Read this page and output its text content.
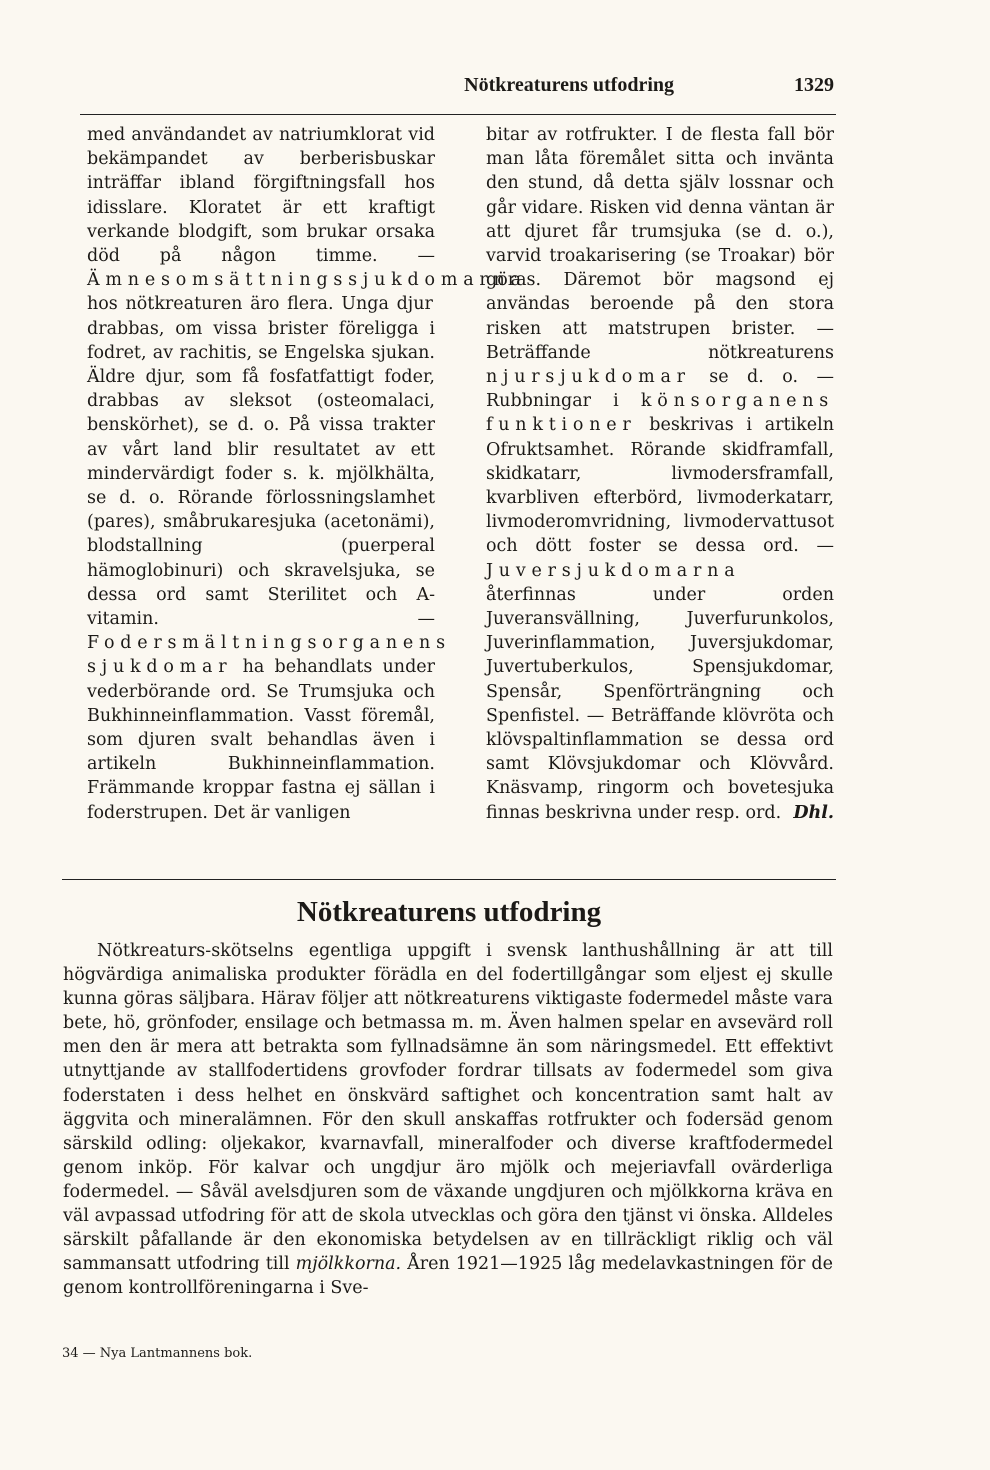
Nötkreaturens utfodring	1329

med användandet av natriumklorat vid bekämpandet av berberisbuskar inträffar ibland förgiftningsfall hos idisslare. Kloratet är ett kraftigt verkande blodgift, som brukar orsaka död på någon timme. — Ämnesomsättningssjukdomarna hos nötkreaturen äro flera. Unga djur drabbas, om vissa brister föreligga i fodret, av rachitis, se Engelska sjukan. Äldre djur, som få fosfatfattigt foder, drabbas av sleksot (osteomalaci, benskörhet), se d. o. På vissa trakter av vårt land blir resultatet av ett mindervärdigt foder s. k. mjölkhälta, se d. o. Rörande förlossningslamhet (pares), småbrukaresjuka (acetonämi), blodstallning (puerperal hämoglobinuri) och skravelsjuka, se dessa ord samt Sterilitet och A-vitamin. — Fodersmältningsorganens sjukdomar ha behandlats under vederbörande ord. Se Trumsjuka och Bukhinneinflammation. Vasst föremål, som djuren svalt behandlas även i artikeln Bukhinneinflammation. Främmande kroppar fastna ej sällan i foderstrupen. Det är vanligen

bitar av rotfrukter. I de flesta fall bör man låta föremålet sitta och invänta den stund, då detta själv lossnar och går vidare. Risken vid denna väntan är att djuret får trumsjuka (se d. o.), varvid troakarisering (se Troakar) bör göras. Däremot bör magsond ej användas beroende på den stora risken att matstrupen brister. — Beträffande nötkreaturens njursjukdomar se d. o. — Rubbningar i könsorganens funktioner beskrivas i artikeln Ofruktsamhet. Rörande skidframfall, skidkatarr, livmodersframfall, kvarbliven efterbörd, livmoderkatarr, livmoderomvridning, livmodervattusot och dött foster se dessa ord. — Juversjukdomarna återfinnas under orden Juveransvällning, Juverfurunkolos, Juverinflammation, Juversjukdomar, Juvertuberkulos, Spensjukdomar, Spensår, Spenförträngning och Spenfistel. — Beträffande klövröta och klövspaltinflammation se dessa ord samt Klövsjukdomar och Klövvård. Knäsvamp, ringorm och bovetesjuka finnas beskrivna under resp. ord. Dhl.

Nötkreaturens utfodring

Nötkreaturs-skötselns egentliga uppgift i svensk lanthushållning är att till högvärdiga animaliska produkter förädla en del fodertillgångar som eljest ej skulle kunna göras säljbara. Härav följer att nötkreaturens viktigaste fodermedel måste vara bete, hö, grönfoder, ensilage och betmassa m. m. Även halmen spelar en avsevärd roll men den är mera att betrakta som fyllnadsämne än som näringsmedel. Ett effektivt utnyttjande av stallfodertidens grovfoder fordrar tillsats av fodermedel som giva foderstaten i dess helhet en önskvärd saftighet och koncentration samt halt av äggvita och mineralämnen. För den skull anskaffas rotfrukter och fodersäd genom särskild odling: oljekakor, kvarnavfall, mineralfoder och diverse kraftfodermedel genom inköp. För kalvar och ungdjur äro mjölk och mejeriavfall ovärderliga fodermedel. — Såväl avelsdjuren som de växande ungdjuren och mjölkkorna kräva en väl avpassad utfodring för att de skola utvecklas och göra den tjänst vi önska. Alldeles särskilt påfallande är den ekonomiska betydelsen av en tillräckligt riklig och väl sammansatt utfodring till mjölkkorna. Åren 1921—1925 låg medelavkastningen för de genom kontrollföreningarna i Sve-

34 — Nya Lantmannens bok.
